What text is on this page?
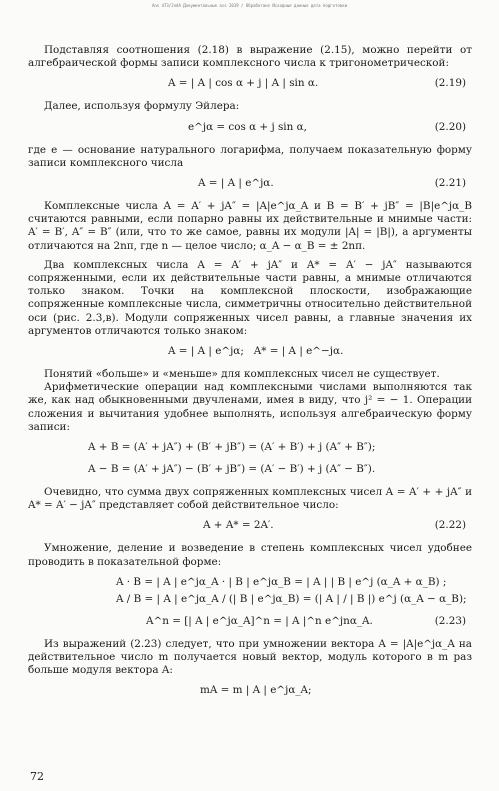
Ans 473/2ndA Документальные ass 2019 / Обработано Исходные данные дата подготовки

Подставляя соотношения (2.18) в выражение (2.15), можно перейти от алгебраической формы записи комплексного числа к тригонометрической:

A = | A | cos α + j | A | sin α.	(2.19)

Далее, используя формулу Эйлера:

e^jα = cos α + j sin α,	(2.20)

где e — основание натурального логарифма, получаем показательную форму записи комплексного числа

A = | A | e^jα.	(2.21)

Комплексные числа A = A′ + jA″ = |A|e^jα_A и B = B′ + jB″ = |B|e^jα_B считаются равными, если попарно равны их действительные и мнимые части: A′ = B′, A″ = B″ (или, что то же самое, равны их модули |A| = |B|), а аргументы отличаются на 2nπ, где n — целое число; α_A − α_B = ± 2nπ.

Два комплексных числа A = A′ + jA″ и A* = A′ − jA″ называются сопряженными, если их действительные части равны, а мнимые отличаются только знаком. Точки на комплексной плоскости, изображающие сопряженные комплексные числа, симметричны относительно действительной оси (рис. 2.3,в). Модули сопряженных чисел равны, а главные значения их аргументов отличаются только знаком:

A = | A | e^jα;   A* = | A | e^−jα.

Понятий «больше» и «меньше» для комплексных чисел не существует.

Арифметические операции над комплексными числами выполняются так же, как над обыкновенными двучленами, имея в виду, что j² = − 1. Операции сложения и вычитания удобнее выполнять, используя алгебраическую форму записи:

A + B = (A′ + jA″) + (B′ + jB″) = (A′ + B′) + j (A″ + B″);
A − B = (A′ + jA″) − (B′ + jB″) = (A′ − B′) + j (A″ − B″).

Очевидно, что сумма двух сопряженных комплексных чисел A = A′ + + jA″ и A* = A′ − jA″ представляет собой действительное число:

A + A* = 2A′.	(2.22)

Умножение, деление и возведение в степень комплексных чисел удобнее проводить в показательной форме:

A · B = | A | e^jα_A · | B | e^jα_B = | A | | B | e^j (α_A + α_B) ;
A / B = | A | e^jα_A / (| B | e^jα_B) = (| A | / | B |) e^j (α_A − α_B);
A^n = [| A | e^jα_A]^n = | A |^n e^jnα_A.	(2.23)

Из выражений (2.23) следует, что при умножении вектора A = |A|e^jα_A на действительное число m получается новый вектор, модуль которого в m раз больше модуля вектора A:

mA = m | A | e^jα_A;
72
